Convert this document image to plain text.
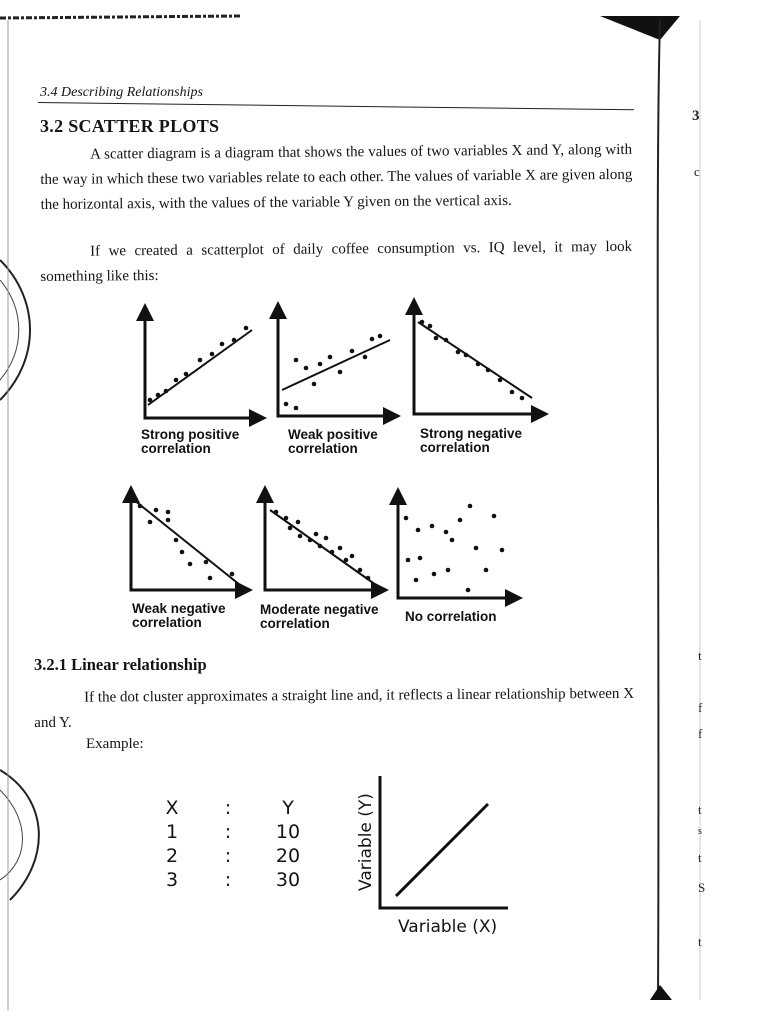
3.4 Describing Relationships
3.2 SCATTER PLOTS
A scatter diagram is a diagram that shows the values of two variables X and Y, along with the way in which these two variables relate to each other. The values of variable X are given along the horizontal axis, with the values of the variable Y given on the vertical axis.
If we created a scatterplot of daily coffee consumption vs. IQ level, it may look something like this:
Strong positive
correlation
Weak positive
correlation
Strong negative
correlation
Weak negative
correlation
Moderate negative
correlation	No correlation
3.2.1 Linear relationship
If the dot cluster approximates a straight line and, it reflects a linear relationship between X and Y.
Example:
X
1
2
3
:
:
:
:
Y
10
20
30	Variable (Y)
Variable (X)
3
c
t
f
f
t
s
t
S
t
